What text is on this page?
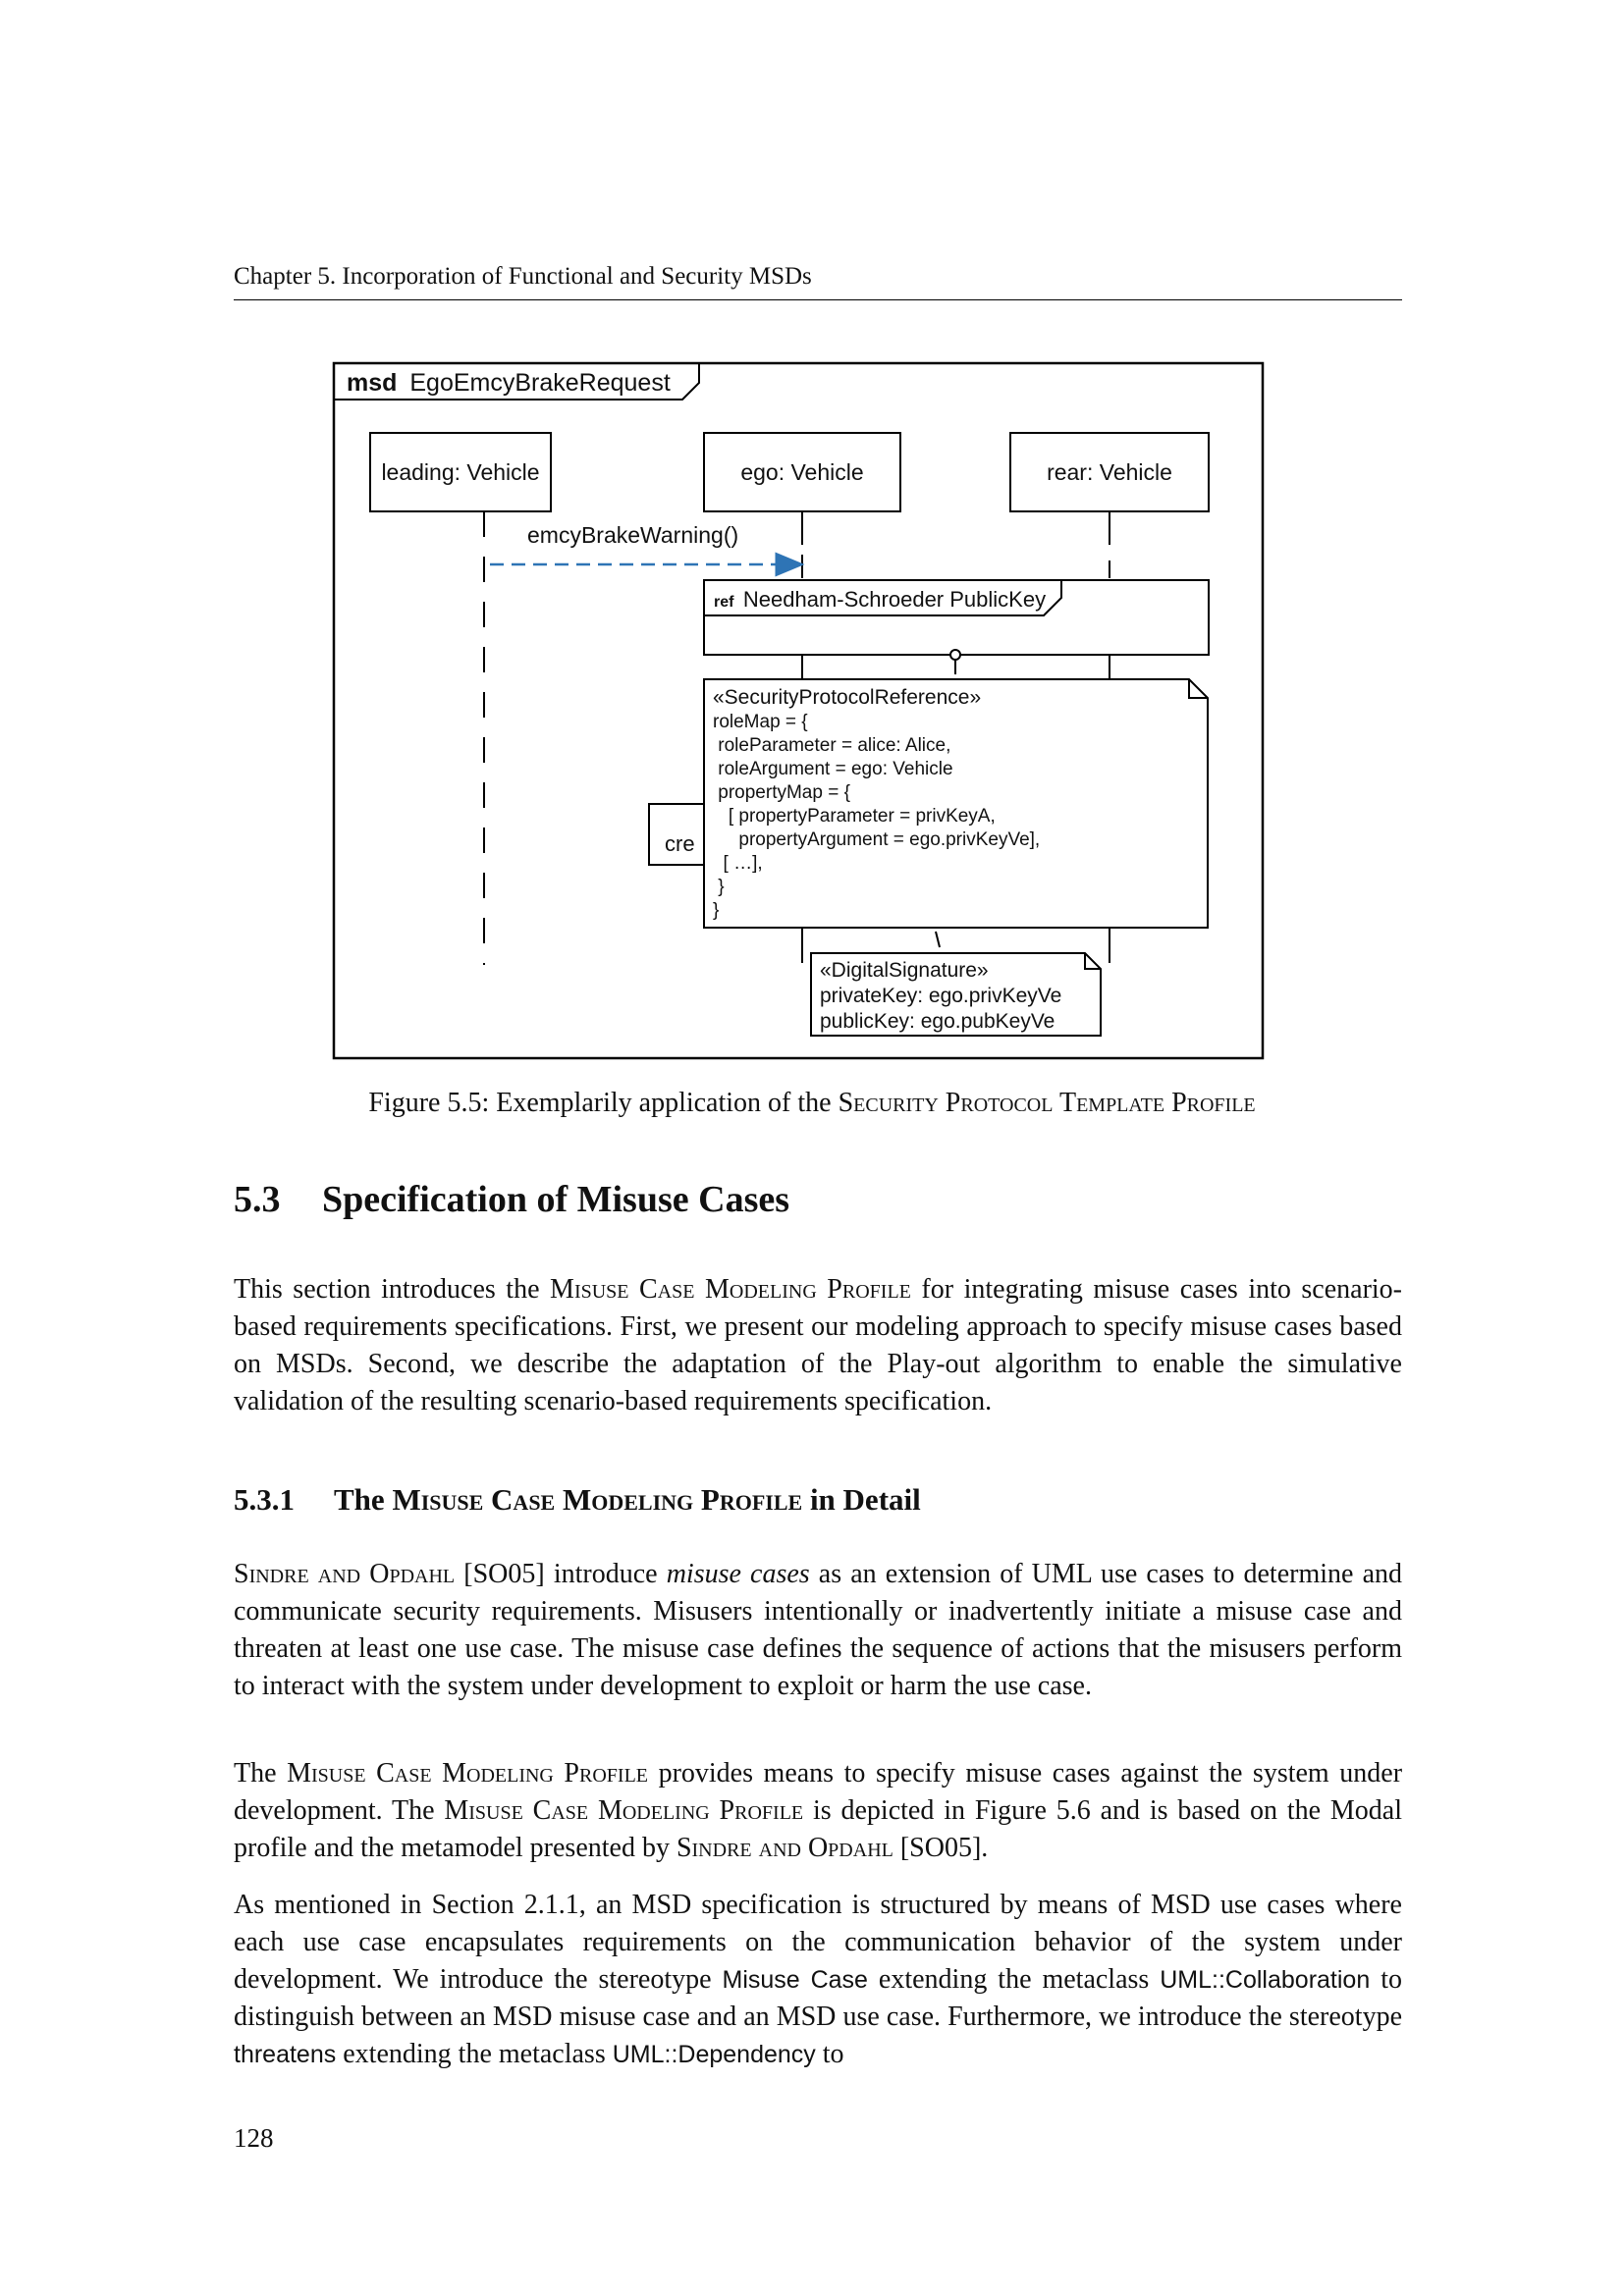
Chapter 5. Incorporation of Functional and Security MSDs
msd EgoEmcyBrakeRequest
leading: Vehicle	ego: Vehicle	rear: Vehicle
emcyBrakeWarning()
ref Needham-Schroeder PublicKey
cre
«SecurityProtocolReference»
roleMap = {
roleParameter = alice: Alice,
roleArgument = ego: Vehicle
propertyMap = {
[ propertyParameter = privKeyA,
propertyArgument = ego.privKeyVe],
[ …],
}
}
«DigitalSignature»
privateKey: ego.privKeyVe
publicKey: ego.pubKeyVe
Figure 5.5: Exemplarily application of the Security Protocol Template Profile
5.3 Specification of Misuse Cases

This section introduces the Misuse Case Modeling Profile for integrating misuse cases into scenario-based requirements specifications. First, we present our modeling approach to specify misuse cases based on MSDs. Second, we describe the adaptation of the Play-out algorithm to enable the simulative validation of the resulting scenario-based requirements specification.

5.3.1 The Misuse Case Modeling Profile in Detail

Sindre and Opdahl [SO05] introduce misuse cases as an extension of UML use cases to determine and communicate security requirements. Misusers intentionally or inadvertently initiate a misuse case and threaten at least one use case. The misuse case defines the sequence of actions that the misusers perform to interact with the system under development to exploit or harm the use case.

The Misuse Case Modeling Profile provides means to specify misuse cases against the system under development. The Misuse Case Modeling Profile is depicted in Figure 5.6 and is based on the Modal profile and the metamodel presented by Sindre and Opdahl [SO05].

As mentioned in Section 2.1.1, an MSD specification is structured by means of MSD use cases where each use case encapsulates requirements on the communication behavior of the system under development. We introduce the stereotype Misuse Case extending the metaclass UML::Collaboration to distinguish between an MSD misuse case and an MSD use case. Furthermore, we introduce the stereotype threatens extending the metaclass UML::Dependency to

128
